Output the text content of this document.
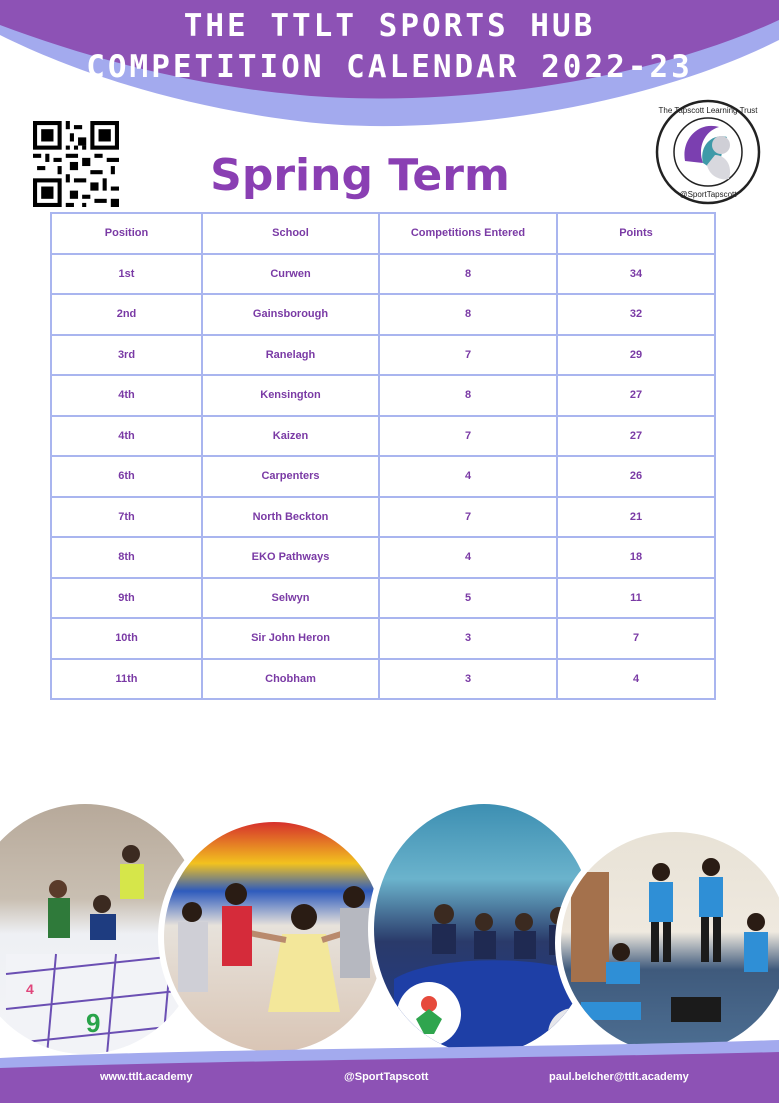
THE TTLT SPORTS HUB
COMPETITION CALENDAR 2022-23
The Tapscott Learning Trust
@SportTapscott
Spring Term
Position	School	Competitions Entered	Points
1st	Curwen	8	34
2nd	Gainsborough	8	32
3rd	Ranelagh	7	29
4th	Kensington	8	27
4th	Kaizen	7	27
6th	Carpenters	4	26
7th	North Beckton	7	21
8th	EKO Pathways	4	18
9th	Selwyn	5	11
10th	Sir John Heron	3	7
11th	Chobham	3	4
9
4
www.ttlt.academy	@SportTapscott	paul.belcher@ttlt.academy
